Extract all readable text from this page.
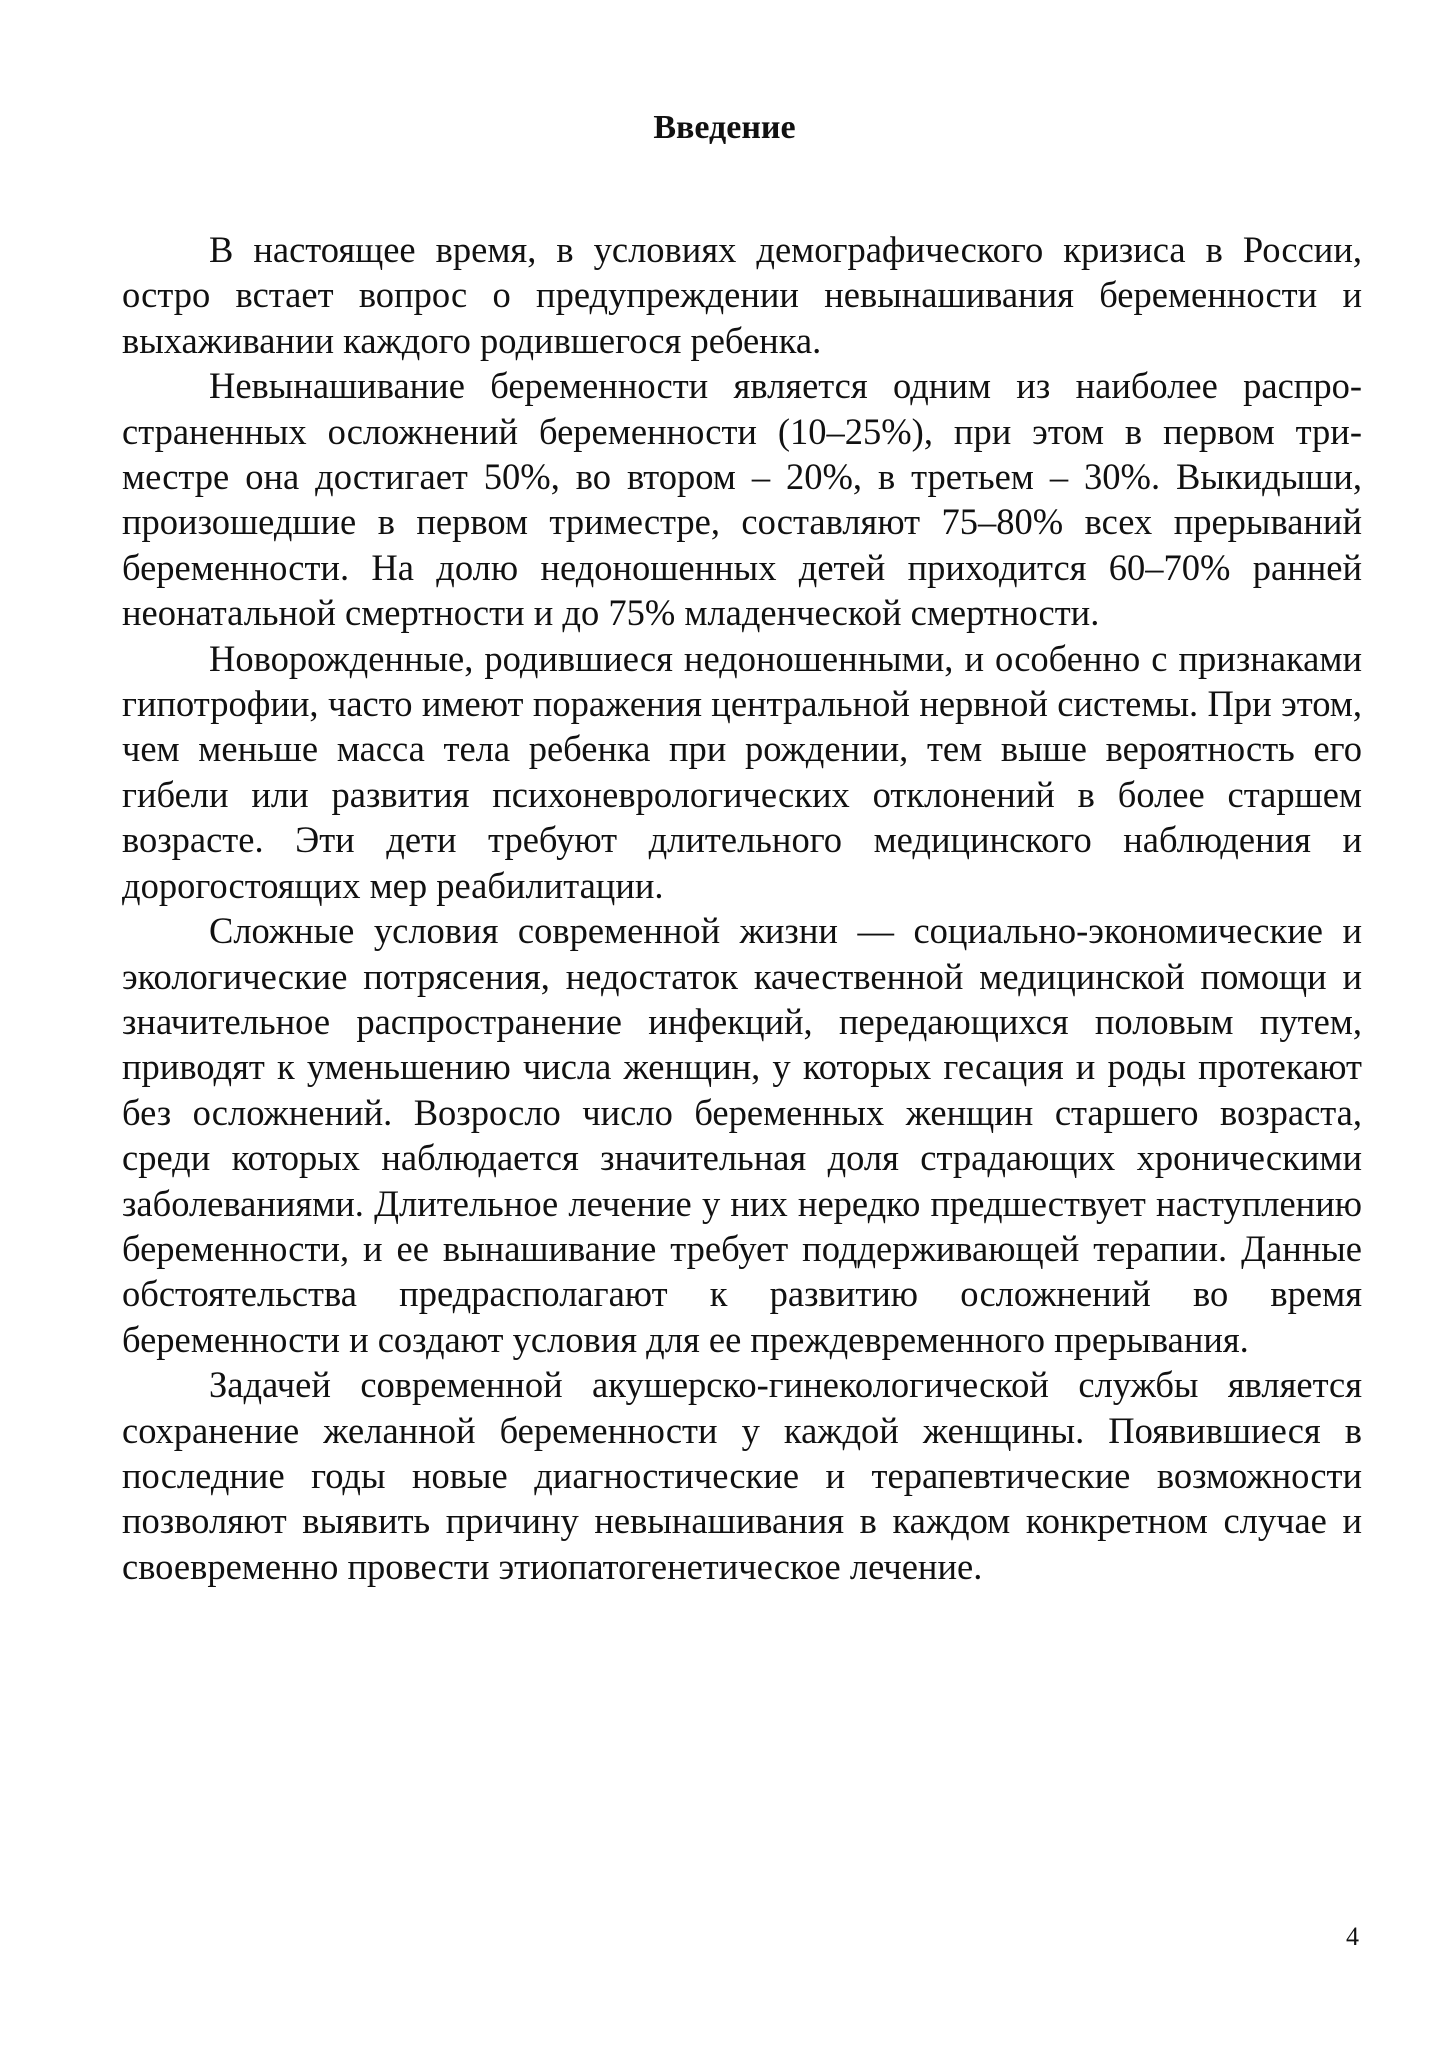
Введение

В настоящее время, в условиях демографического кризиса в России, остро встает вопрос о предупреждении невынашивания беременности и выхаживании каждого родившегося ребенка.

Невынашивание беременности является одним из наиболее распространенных осложнений беременности (10–25%), при этом в первом триместре она достигает 50%, во втором – 20%, в третьем – 30%. Выкидыши, произошедшие в первом триместре, составляют 75–80% всех прерываний беременности. На долю недоношенных детей приходится 60–70% ранней неонатальной смертности и до 75% младенческой смертности.

Новорожденные, родившиеся недоношенными, и особенно с признаками гипотрофии, часто имеют поражения центральной нервной системы. При этом, чем меньше масса тела ребенка при рождении, тем выше вероятность его гибели или развития психоневрологических отклонений в более старшем возрасте. Эти дети требуют длительного медицинского наблюдения и дорогостоящих мер реабилитации.

Сложные условия современной жизни — социально-экономические и экологические потрясения, недостаток качественной медицинской помощи и значительное распространение инфекций, передающихся половым путем, приводят к уменьшению числа женщин, у которых гесация и роды протекают без осложнений. Возросло число беременных женщин старшего возраста, среди которых наблюдается значительная доля страдающих хроническими заболеваниями. Длительное лечение у них нередко предшествует наступлению беременности, и ее вынашивание требует поддерживающей терапии. Данные обстоятельства предрасполагают к развитию осложнений во время беременности и создают условия для ее преждевременного прерывания.

Задачей современной акушерско-гинекологической службы является сохранение желанной беременности у каждой женщины. Появившиеся в последние годы новые диагностические и терапевтические возможности позволяют выявить причину невынашивания в каждом конкретном случае и своевременно провести этиопатогенетическое лечение.

4
